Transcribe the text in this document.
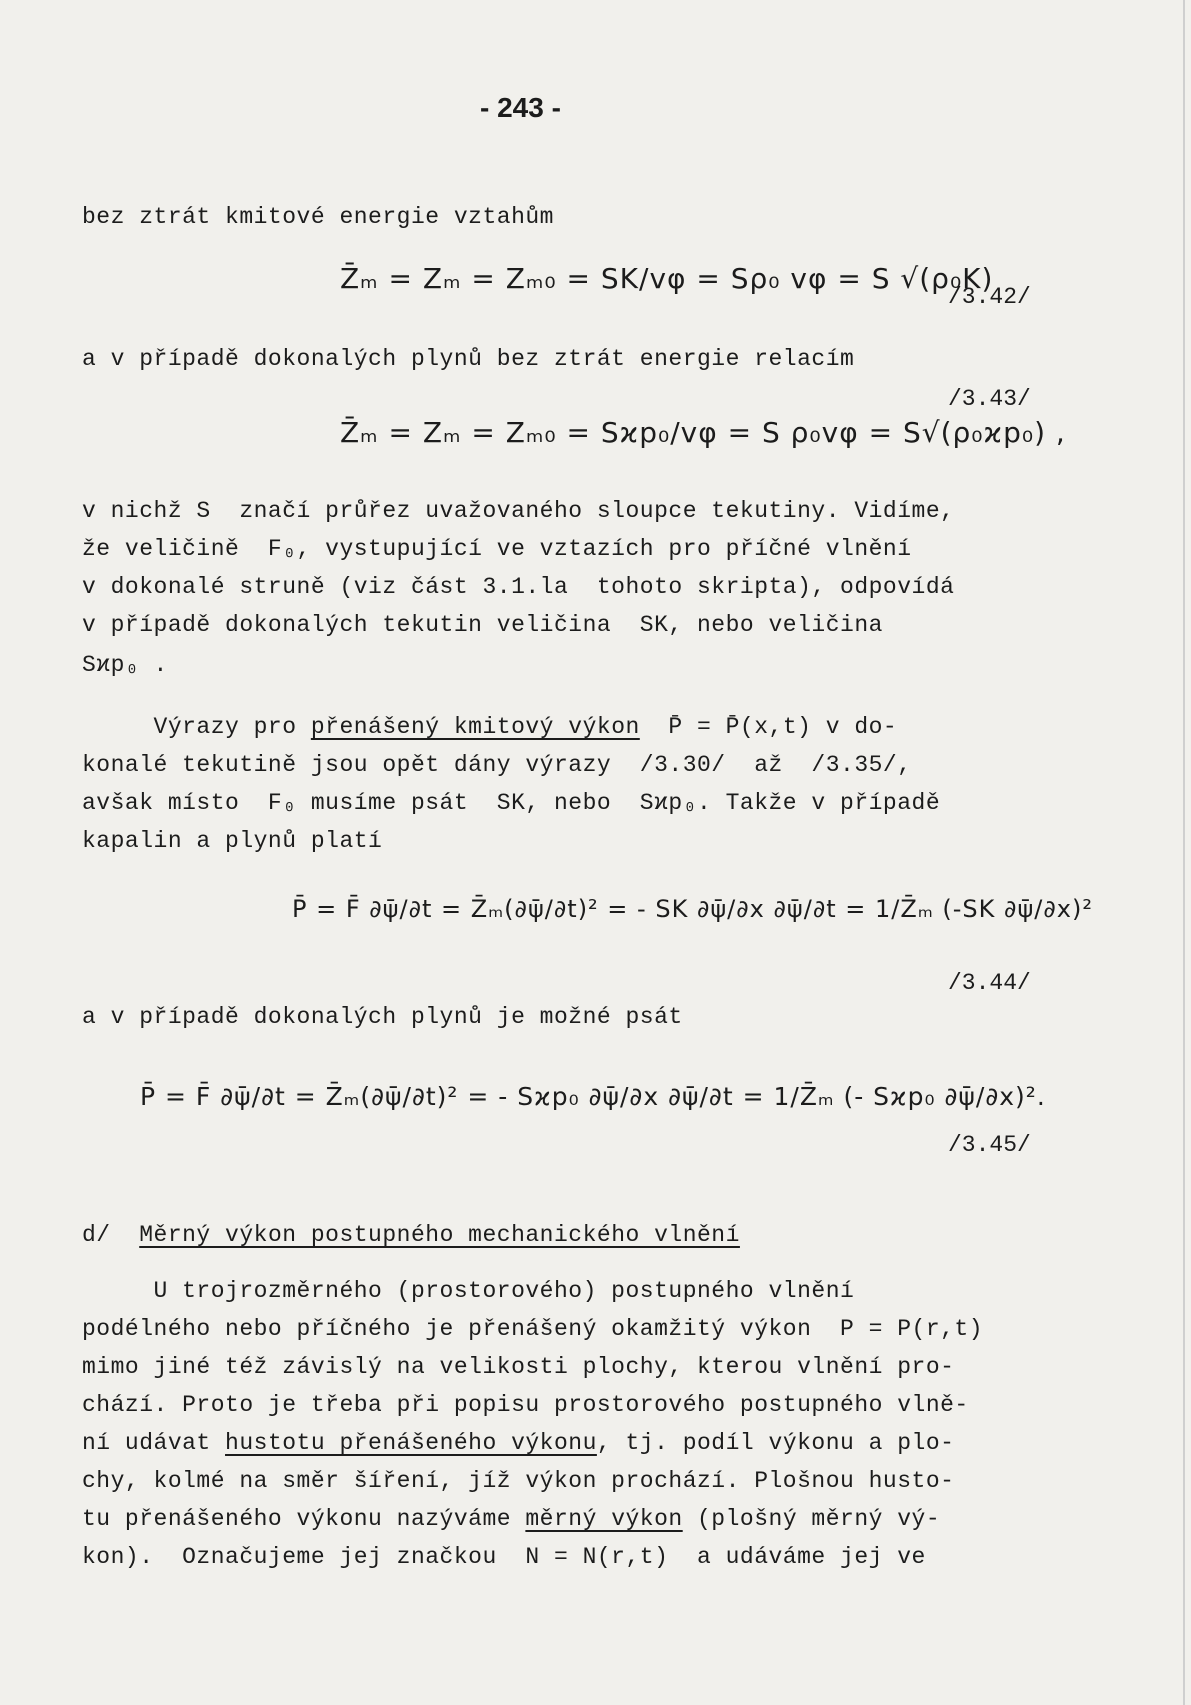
- 243 -
bez ztrát kmitové energie vztahům
Z̄ₘ = Zₘ = Zₘ₀ = SK/vφ = Sρ₀ vφ = S √(ρ₀K)
/3.42/
a v případě dokonalých plynů bez ztrát energie relacím
/3.43/
Z̄ₘ = Zₘ = Zₘ₀ = Sϰp₀/vφ = S ρ₀vφ = S√(ρ₀ϰp₀) ,
v nichž S  značí průřez uvažovaného sloupce tekutiny. Vidíme,
že veličině  F₀, vystupující ve vztazích pro příčné vlnění
v dokonalé struně (viz část 3.1.la  tohoto skripta), odpovídá
v případě dokonalých tekutin veličina  SK, nebo veličina
Sϰp₀ .
Výrazy pro přenášený kmitový výkon  P̄ = P̄(x,t) v do-
konalé tekutině jsou opět dány výrazy  /3.30/  až  /3.35/,
avšak místo  F₀ musíme psát  SK, nebo  Sϰp₀. Takže v případě
kapalin a plynů platí
P̄ = F̄ ∂ψ̄/∂t = Z̄ₘ(∂ψ̄/∂t)² = - SK ∂ψ̄/∂x ∂ψ̄/∂t = 1/Z̄ₘ (-SK ∂ψ̄/∂x)²
/3.44/
a v případě dokonalých plynů je možné psát
P̄ = F̄ ∂ψ̄/∂t = Z̄ₘ(∂ψ̄/∂t)² = - Sϰp₀ ∂ψ̄/∂x ∂ψ̄/∂t = 1/Z̄ₘ (- Sϰp₀ ∂ψ̄/∂x)².
/3.45/
d/  Měrný výkon postupného mechanického vlnění
U trojrozměrného (prostorového) postupného vlnění
podélného nebo příčného je přenášený okamžitý výkon  P = P(r,t)
mimo jiné též závislý na velikosti plochy, kterou vlnění pro-
chází. Proto je třeba při popisu prostorového postupného vlně-
ní udávat hustotu přenášeného výkonu, tj. podíl výkonu a plo-
chy, kolmé na směr šíření, jíž výkon prochází. Plošnou husto-
tu přenášeného výkonu nazýváme měrný výkon (plošný měrný vý-
kon).  Označujeme jej značkou  N = N(r,t)  a udáváme jej ve
